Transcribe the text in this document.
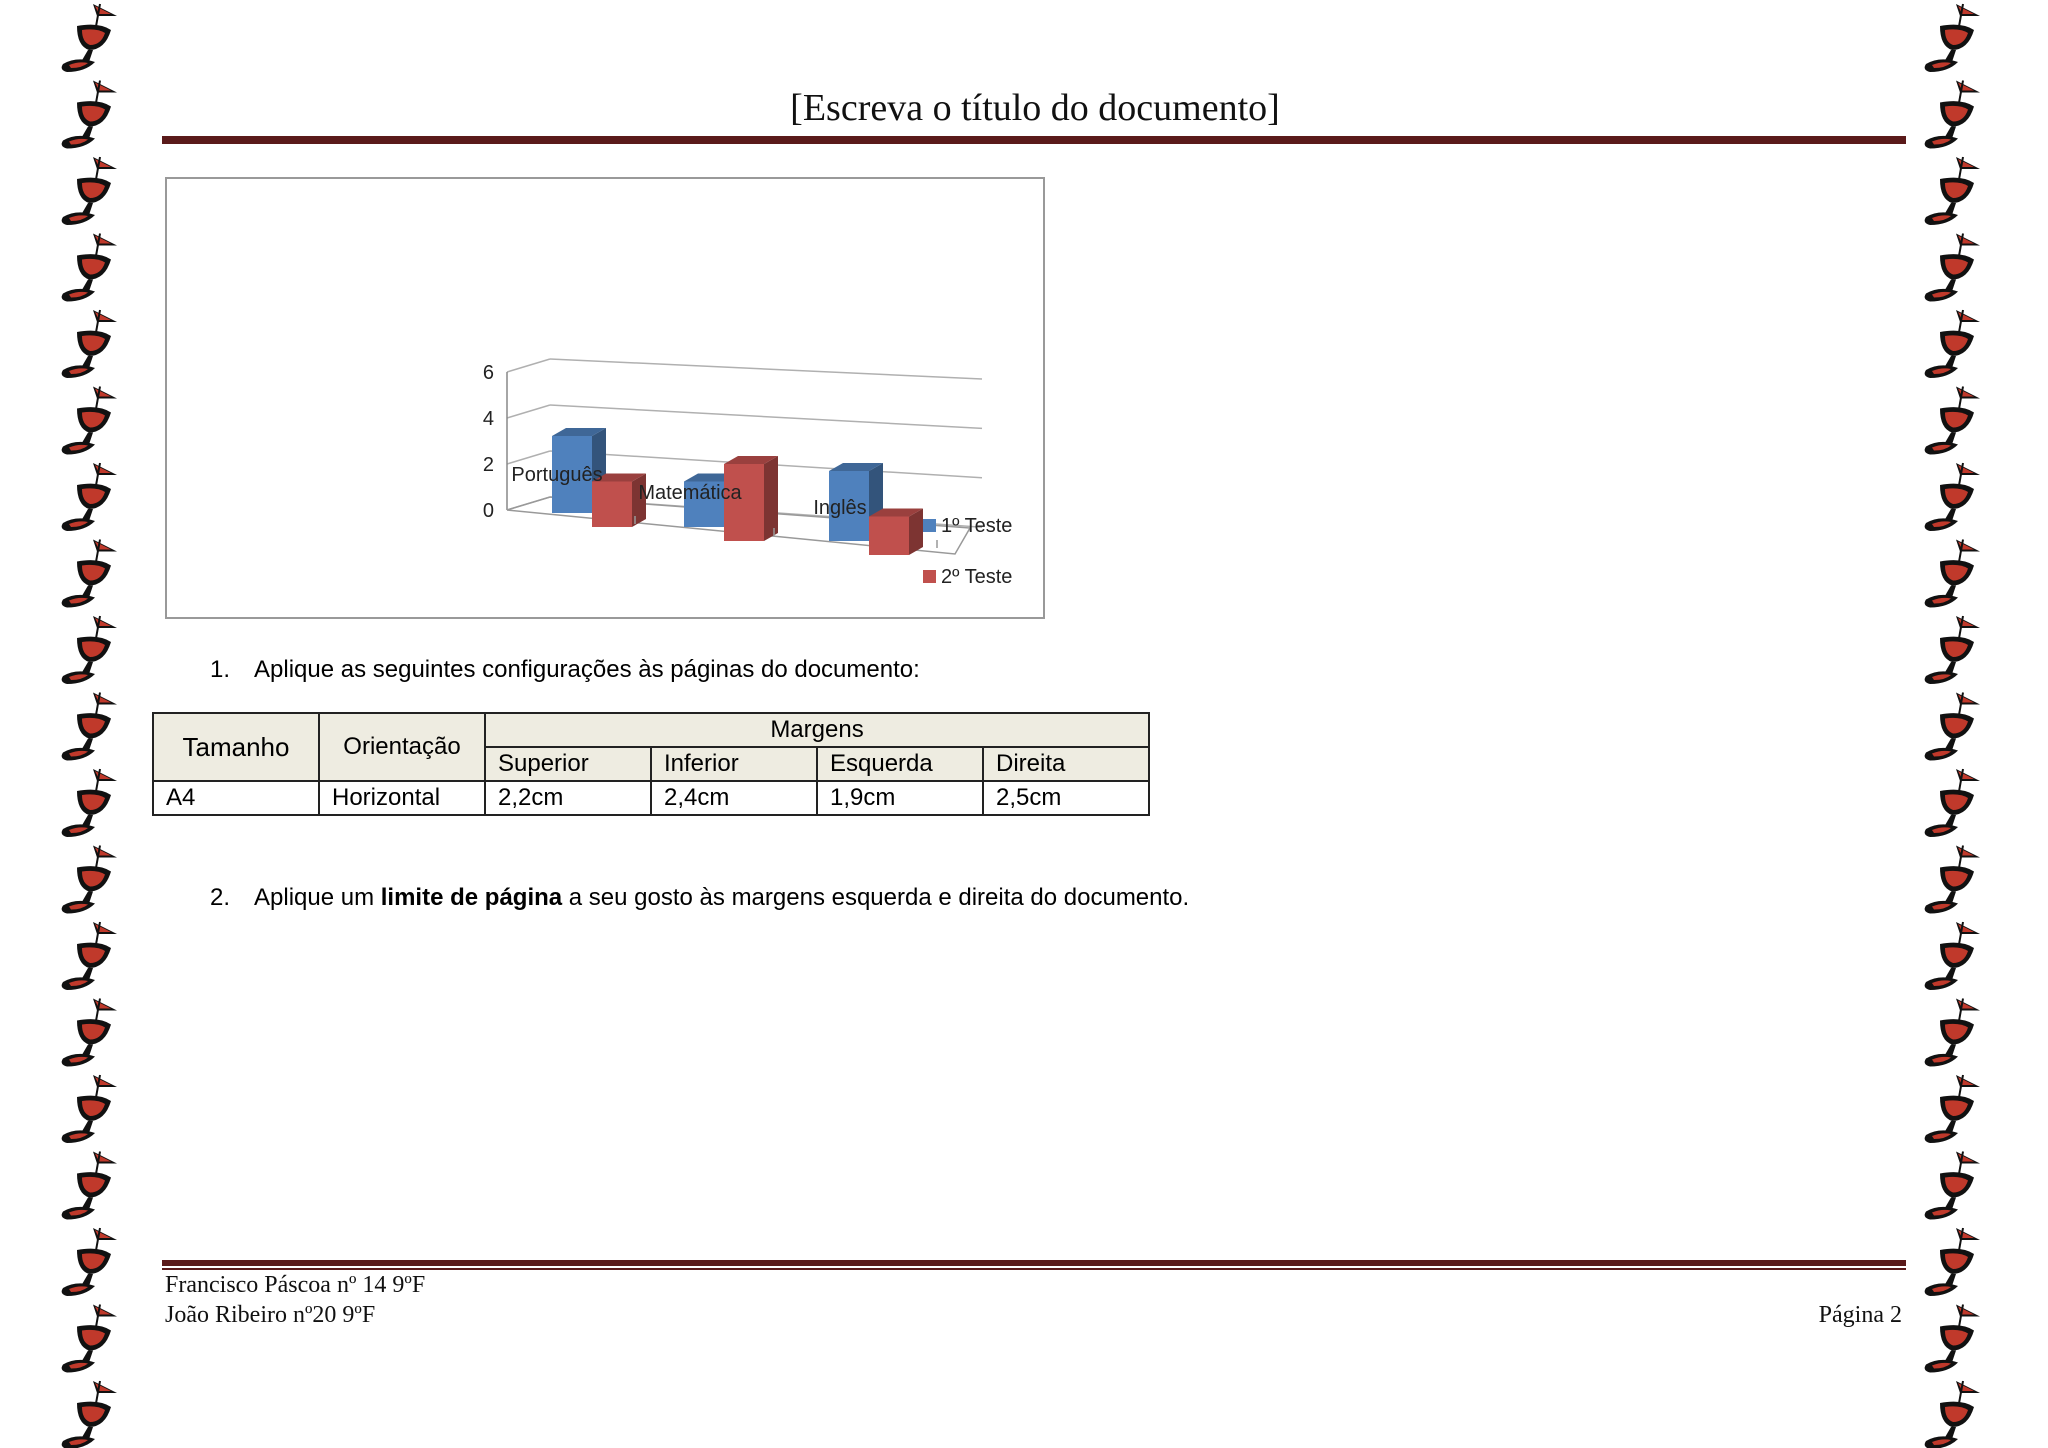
[Escreva o título do documento]
0
2
4
6
Português
Matemática
Inglês
1º Teste
2º Teste
1. Aplique as seguintes configurações às páginas do documento:
Tamanho	Orientação	Margens			
		Superior	Inferior	Esquerda	Direita
A4	Horizontal	2,2cm	2,4cm	1,9cm	2,5cm
2. Aplique um limite de página a seu gosto às margens esquerda e direita do documento.
Francisco Páscoa nº 14 9ºF
João Ribeiro nº20 9ºF	Página 2
